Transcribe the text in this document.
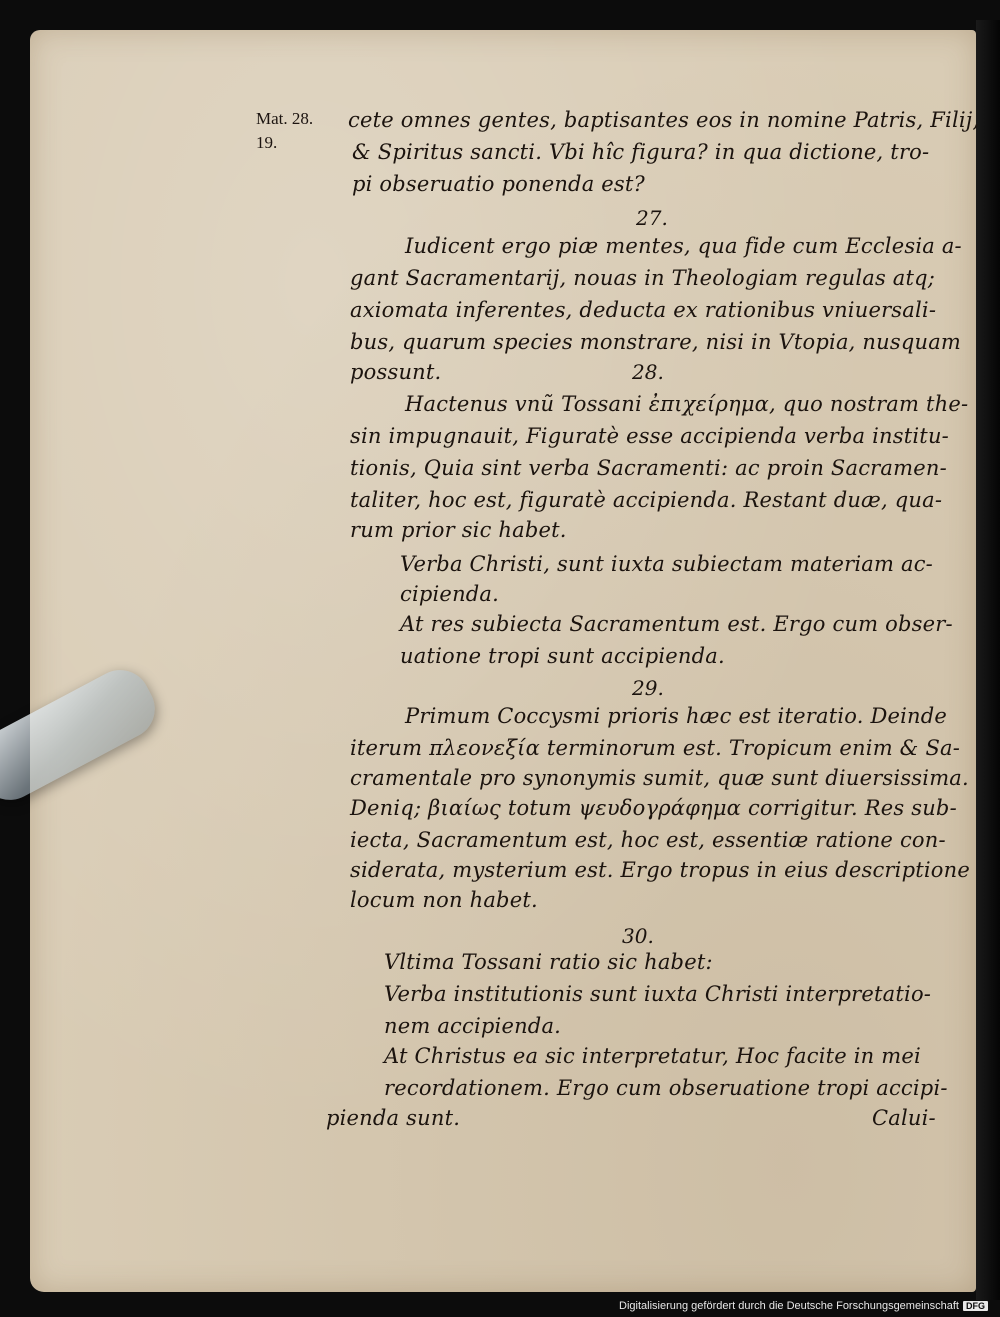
Mat. 28.
19.
cete omnes gentes, baptisantes eos in nomine Patris, Filij,
& Spiritus sancti. Vbi hîc figura? in qua dictione, tro-
pi obseruatio ponenda est?
27.
Iudicent ergo piæ mentes, qua fide cum Ecclesia a-
gant Sacramentarij, nouas in Theologiam regulas atq;
axiomata inferentes, deducta ex rationibus vniuersali-
bus, quarum species monstrare, nisi in Vtopia, nusquam
possunt.	28.
Hactenus vnũ Tossani ἐπιχείρημα, quo nostram the-
sin impugnauit, Figuratè esse accipienda verba institu-
tionis, Quia sint verba Sacramenti: ac proin Sacramen-
taliter, hoc est, figuratè accipienda. Restant duæ, qua-
rum prior sic habet.
Verba Christi, sunt iuxta subiectam materiam ac-
cipienda.
At res subiecta Sacramentum est. Ergo cum obser-
uatione tropi sunt accipienda.
29.
Primum Coccysmi prioris hæc est iteratio. Deinde
iterum πλεονεξία terminorum est. Tropicum enim & Sa-
cramentale pro synonymis sumit, quæ sunt diuersissima.
Deniq; βιαίως totum ψευδογράφημα corrigitur. Res sub-
iecta, Sacramentum est, hoc est, essentiæ ratione con-
siderata, mysterium est. Ergo tropus in eius descriptione
locum non habet.
30.
Vltima Tossani ratio sic habet:
Verba institutionis sunt iuxta Christi interpretatio-
nem accipienda.
At Christus ea sic interpretatur, Hoc facite in mei
recordationem. Ergo cum obseruatione tropi accipi-
pienda sunt.	Calui-
Digitalisierung gefördert durch die Deutsche Forschungsgemeinschaft DFG
